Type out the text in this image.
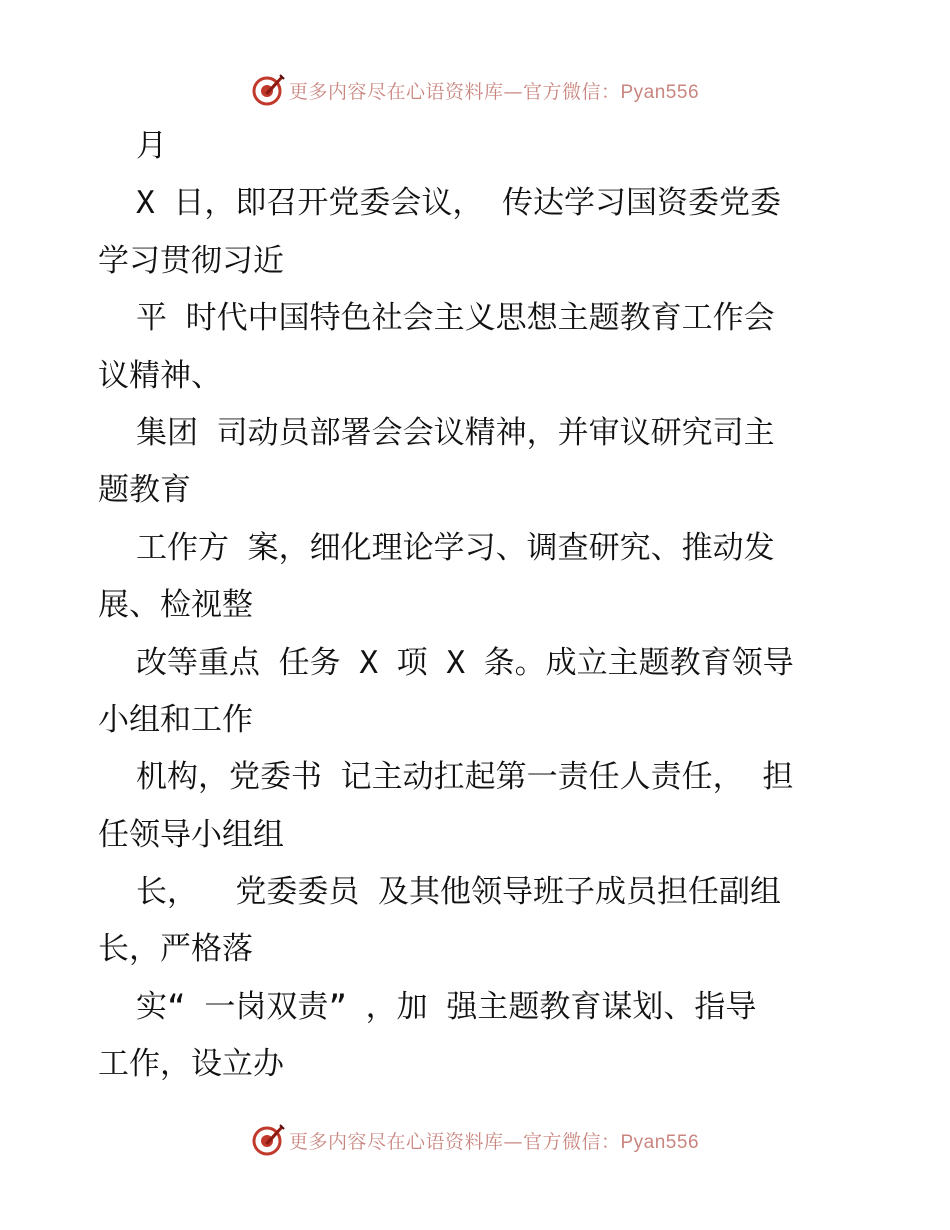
更多内容尽在心语资料库—官方微信：Pyan556
月
X 日，即召开党委会议， 传达学习国资委党委
学习贯彻习近
平 时代中国特色社会主义思想主题教育工作会
议精神、
集团 司动员部署会会议精神，并审议研究司主
题教育
工作方 案，细化理论学习、调查研究、推动发
展、检视整
改等重点 任务 X 项 X 条。成立主题教育领导
小组和工作
机构，党委书 记主动扛起第一责任人责任， 担
任领导小组组
长，  党委委员 及其他领导班子成员担任副组
长，严格落
实“ 一岗双责” ，加 强主题教育谋划、指导
工作，设立办
更多内容尽在心语资料库—官方微信：Pyan556
